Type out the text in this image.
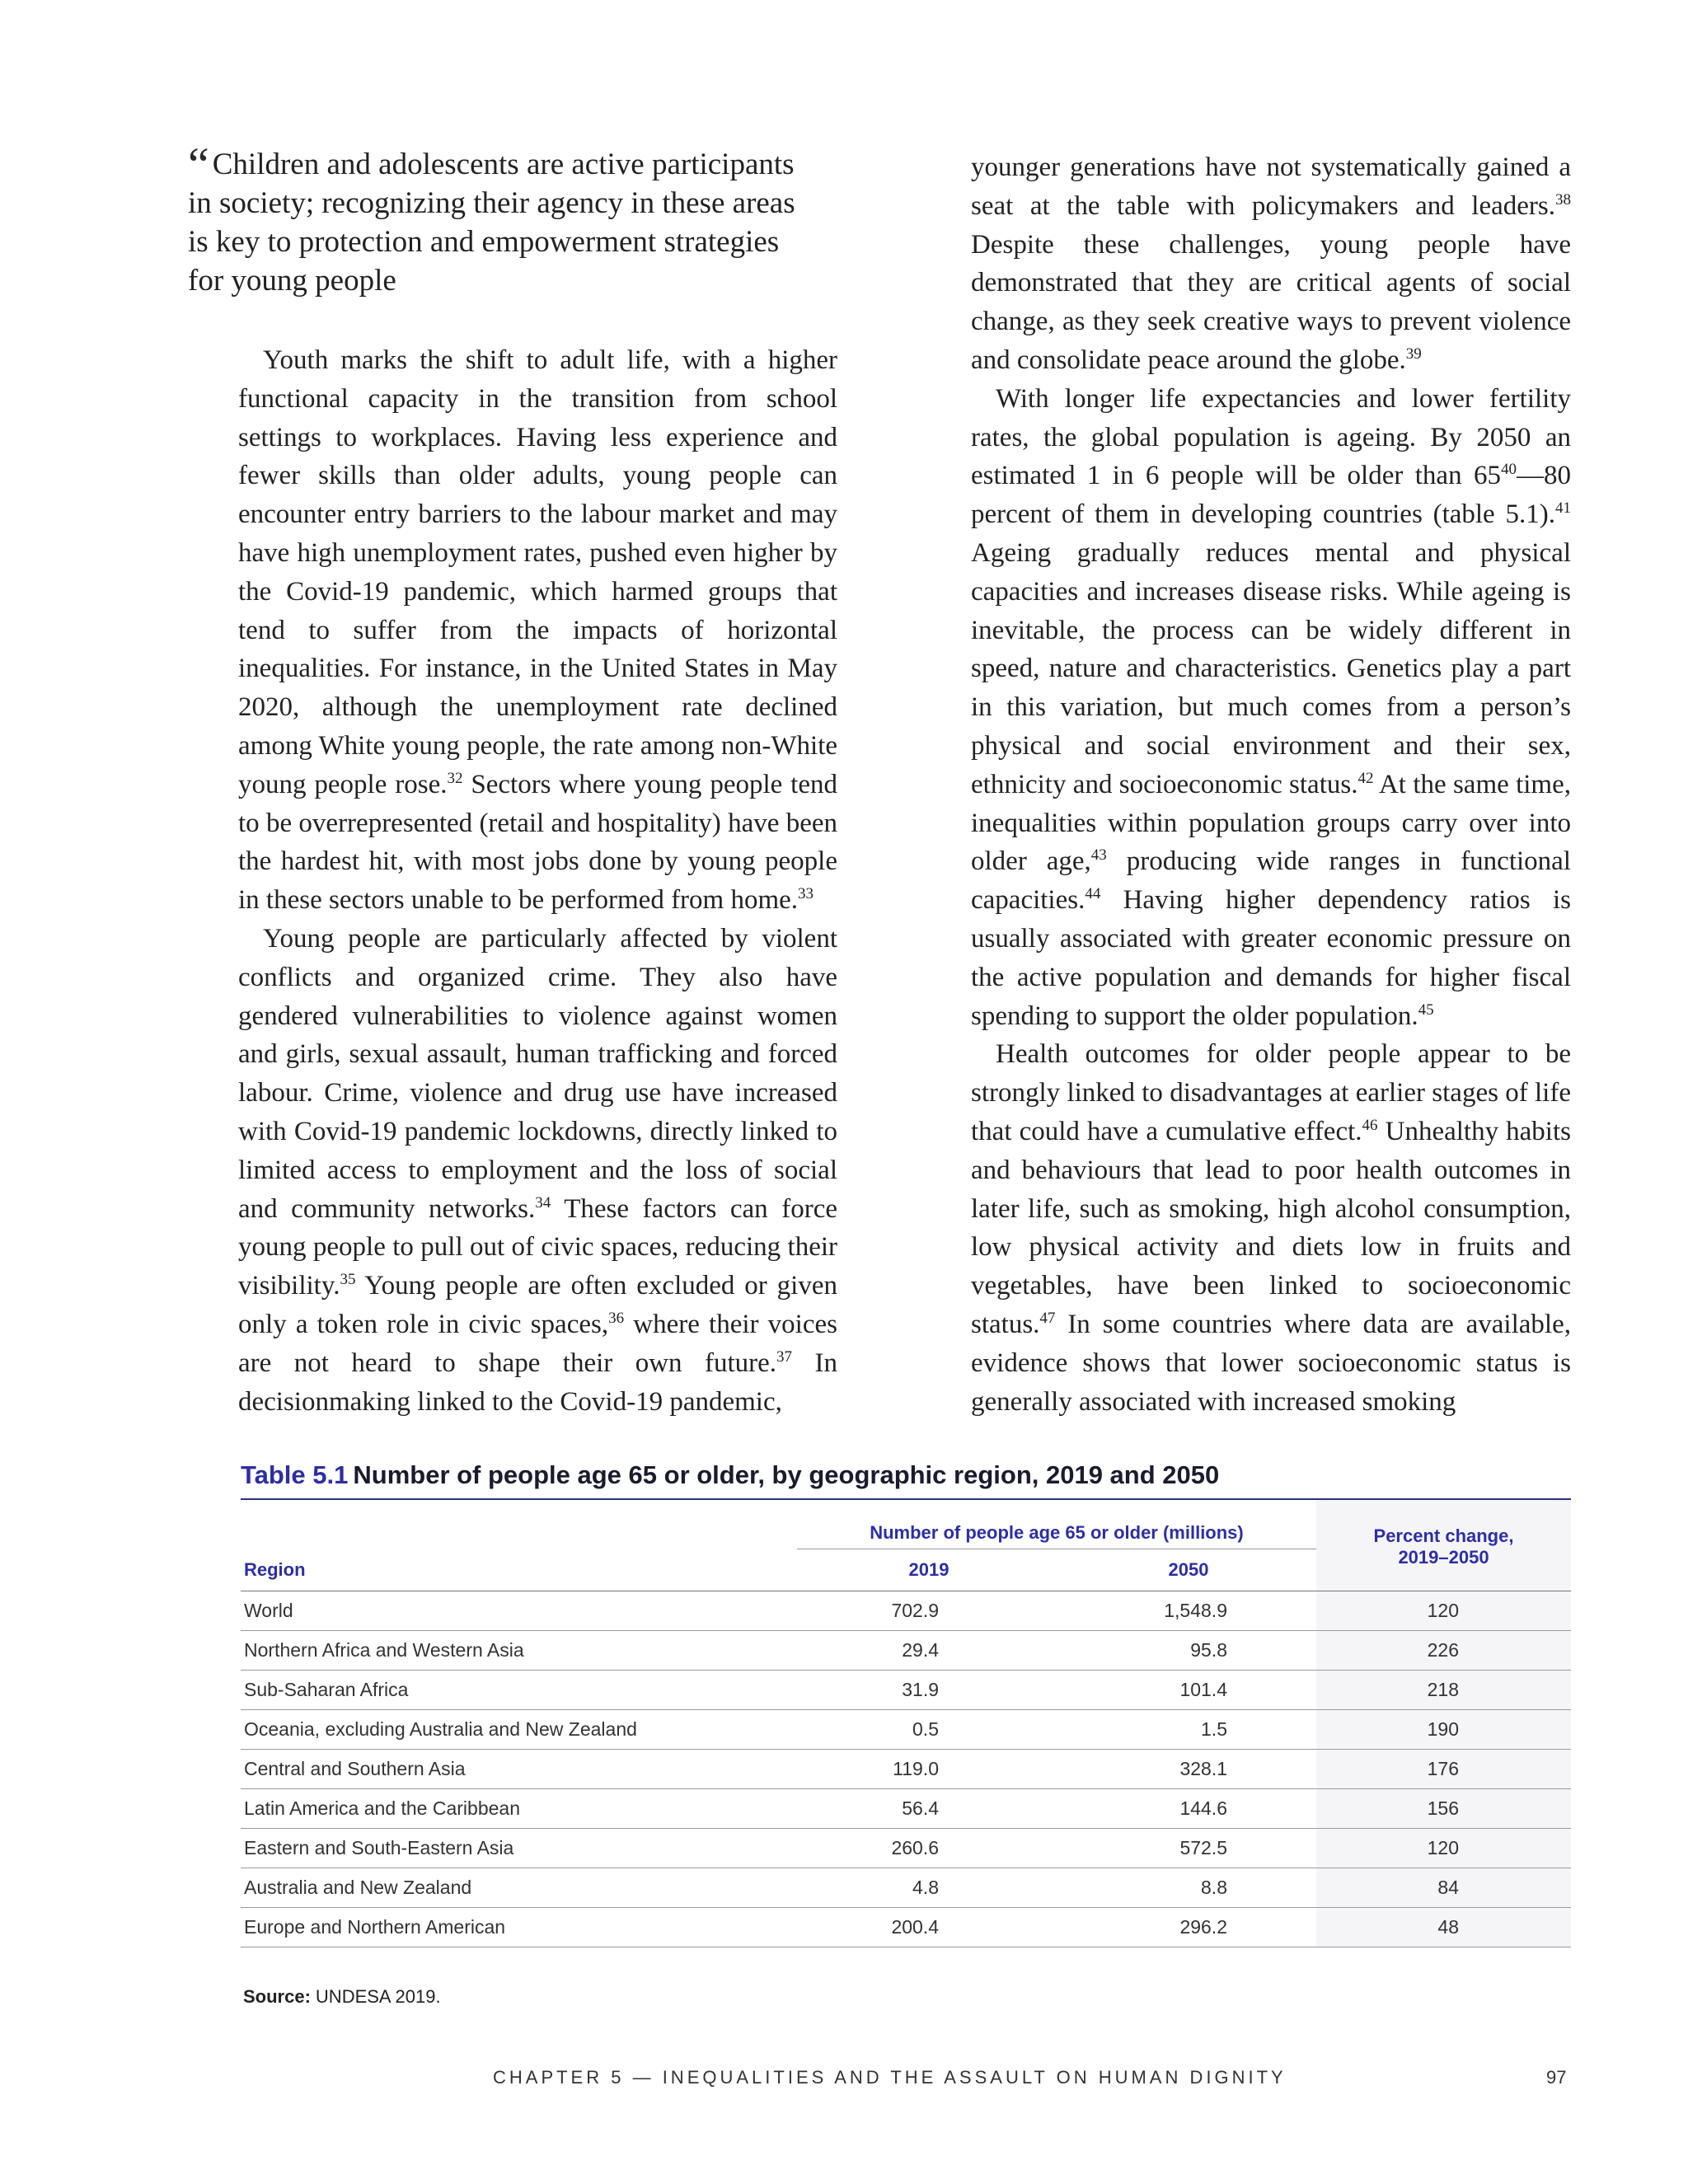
“ Children and adolescents are active participants in society; recognizing their agency in these areas is key to protection and empowerment strategies for young people

Youth marks the shift to adult life, with a higher functional capacity in the transition from school settings to workplaces. Having less experience and fewer skills than older adults, young people can encounter entry barriers to the labour market and may have high unemployment rates, pushed even higher by the Covid-19 pandemic, which harmed groups that tend to suffer from the impacts of horizontal inequalities. For instance, in the United States in May 2020, although the unemployment rate declined among White young people, the rate among non-White young people rose.$^{32}$ Sectors where young people tend to be overrepresented (retail and hospitality) have been the hardest hit, with most jobs done by young people in these sectors unable to be performed from home.$^{33}$

Young people are particularly affected by violent conflicts and organized crime. They also have gendered vulnerabilities to violence against women and girls, sexual assault, human trafficking and forced labour. Crime, violence and drug use have increased with Covid-19 pandemic lockdowns, directly linked to limited access to employment and the loss of social and community networks.$^{34}$ These factors can force young people to pull out of civic spaces, reducing their visibility.$^{35}$ Young people are often excluded or given only a token role in civic spaces,$^{36}$ where their voices are not heard to shape their own future.$^{37}$ In decisionmaking linked to the Covid-19 pandemic,

younger generations have not systematically gained a seat at the table with policymakers and leaders.$^{38}$ Despite these challenges, young people have demonstrated that they are critical agents of social change, as they seek creative ways to prevent violence and consolidate peace around the globe.$^{39}$

With longer life expectancies and lower fertility rates, the global population is ageing. By 2050 an estimated 1 in 6 people will be older than $65^{40}—80$ percent of them in developing countries (table 5.1).$^{41}$ Ageing gradually reduces mental and physical capacities and increases disease risks. While ageing is inevitable, the process can be widely different in speed, nature and characteristics. Genetics play a part in this variation, but much comes from a person’s physical and social environment and their sex, ethnicity and socioeconomic status.$^{42}$ At the same time, inequalities within population groups carry over into older age,$^{43}$ producing wide ranges in functional capacities.$^{44}$ Having higher dependency ratios is usually associated with greater economic pressure on the active population and demands for higher fiscal spending to support the older population.$^{45}$

Health outcomes for older people appear to be strongly linked to disadvantages at earlier stages of life that could have a cumulative effect.$^{46}$ Unhealthy habits and behaviours that lead to poor health outcomes in later life, such as smoking, high alcohol consumption, low physical activity and diets low in fruits and vegetables, have been linked to socioeconomic status.$^{47}$ In some countries where data are available, evidence shows that lower socioeconomic status is generally associated with increased smoking

Table 5.1 Number of people age 65 or older, by geographic region, 2019 and 2050
	Number of people age 65 or older (millions)		Percent change,
2019–2050
Region	2019	2050	
World	702.9	1,548.9	120
Northern Africa and Western Asia	29.4	95.8	226
Sub-Saharan Africa	31.9	101.4	218
Oceania, excluding Australia and New Zealand	0.5	1.5	190
Central and Southern Asia	119.0	328.1	176
Latin America and the Caribbean	56.4	144.6	156
Eastern and South-Eastern Asia	260.6	572.5	120
Australia and New Zealand	4.8	8.8	84
Europe and Northern American	200.4	296.2	48
Source: UNDESA 2019.
CHAPTER 5 — INEQUALITIES AND THE ASSAULT ON HUMAN DIGNITY	97
